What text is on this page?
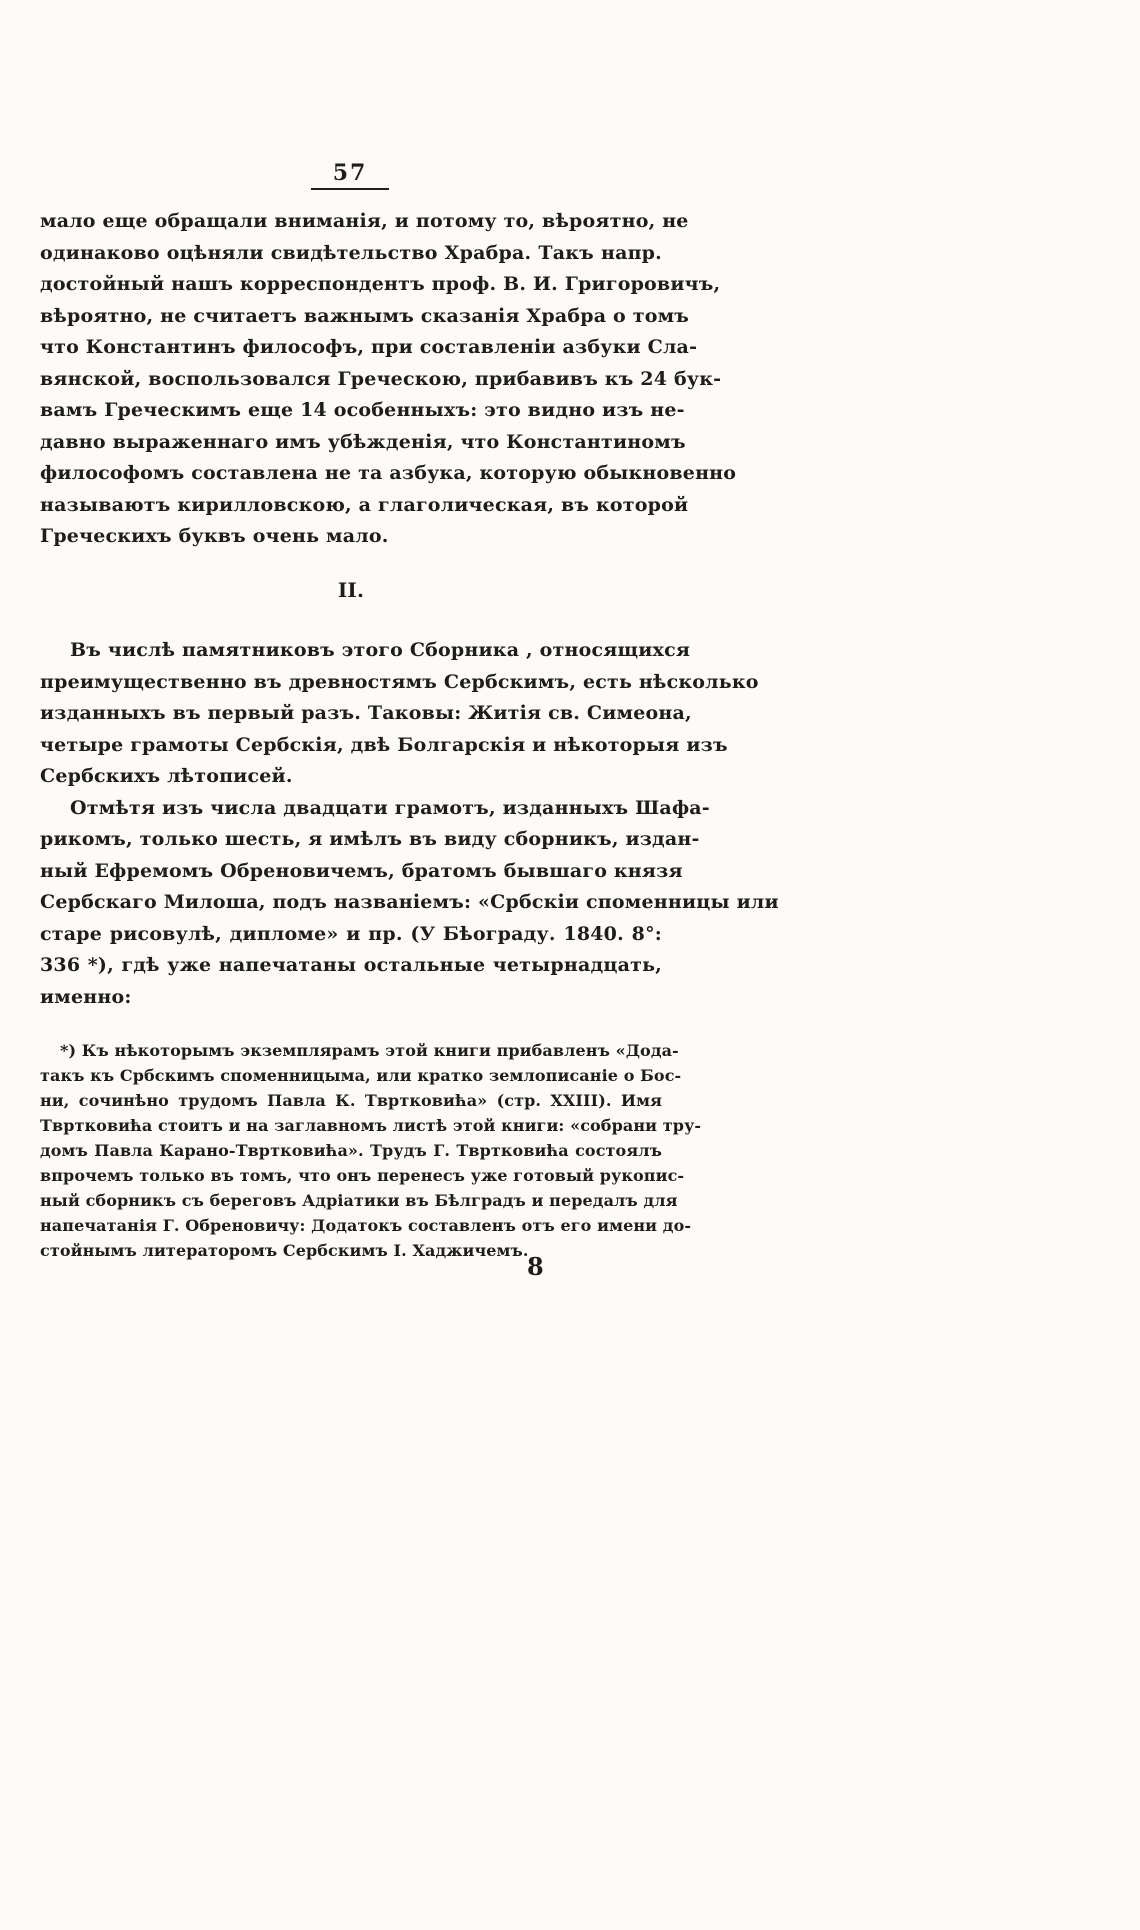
57
мало еще обращали вниманія, и потому то, вѣроятно, не
одинаково оцѣняли свидѣтельство Храбра. Такъ напр.
достойный нашъ корреспондентъ проф. В. И. Григоровичъ,
вѣроятно, не считаетъ важнымъ сказанія Храбра о томъ
что Константинъ философъ, при составленіи азбуки Сла-
вянской, воспользовался Греческою, прибавивъ къ 24 бук-
вамъ Греческимъ еще 14 особенныхъ: это видно изъ не-
давно выраженнаго имъ убѣжденія, что Константиномъ
философомъ составлена не та азбука, которую обыкновенно
называютъ кирилловскою, а глаголическая, въ которой
Греческихъ буквъ очень мало.
II.
Въ числѣ памятниковъ этого Сборника , относящихся
преимущественно въ древностямъ Сербскимъ, есть нѣсколько
изданныхъ въ первый разъ. Таковы: Житія св. Симеона,
четыре грамоты Сербскія, двѣ Болгарскія и нѣкоторыя изъ
Сербскихъ лѣтописей.
Отмѣтя изъ числа двадцати грамотъ, изданныхъ Шафа-
рикомъ, только шесть, я имѣлъ въ виду сборникъ, издан-
ный Ефремомъ Обреновичемъ, братомъ бывшаго князя
Сербскаго Милоша, подъ названіемъ: «Србскіи споменницы или
старе рисовулѣ, дипломе» и пр. (У Бѣограду. 1840. 8°:
336 *), гдѣ уже напечатаны остальные четырнадцать,
именно:
*) Къ нѣкоторымъ экземплярамъ этой книги прибавленъ «Дода-
такъ къ Србскимъ споменницыма, или кратко землописаніе о Бос-
ни, сочинѣно трудомъ Павла К. Твртковића» (стр. XXIII). Имя
Твртковића стоитъ и на заглавномъ листѣ этой книги: «собрани тру-
домъ Павла Карано-Твртковића». Трудъ Г. Твртковића состоялъ
впрочемъ только въ томъ, что онъ перенесъ уже готовый рукопис-
ный сборникъ съ береговъ Адріатики въ Бѣлградъ и передалъ для
напечатанія Г. Обреновичу: Додатокъ составленъ отъ его имени до-
стойнымъ литераторомъ Сербскимъ І. Хаджичемъ.
8
